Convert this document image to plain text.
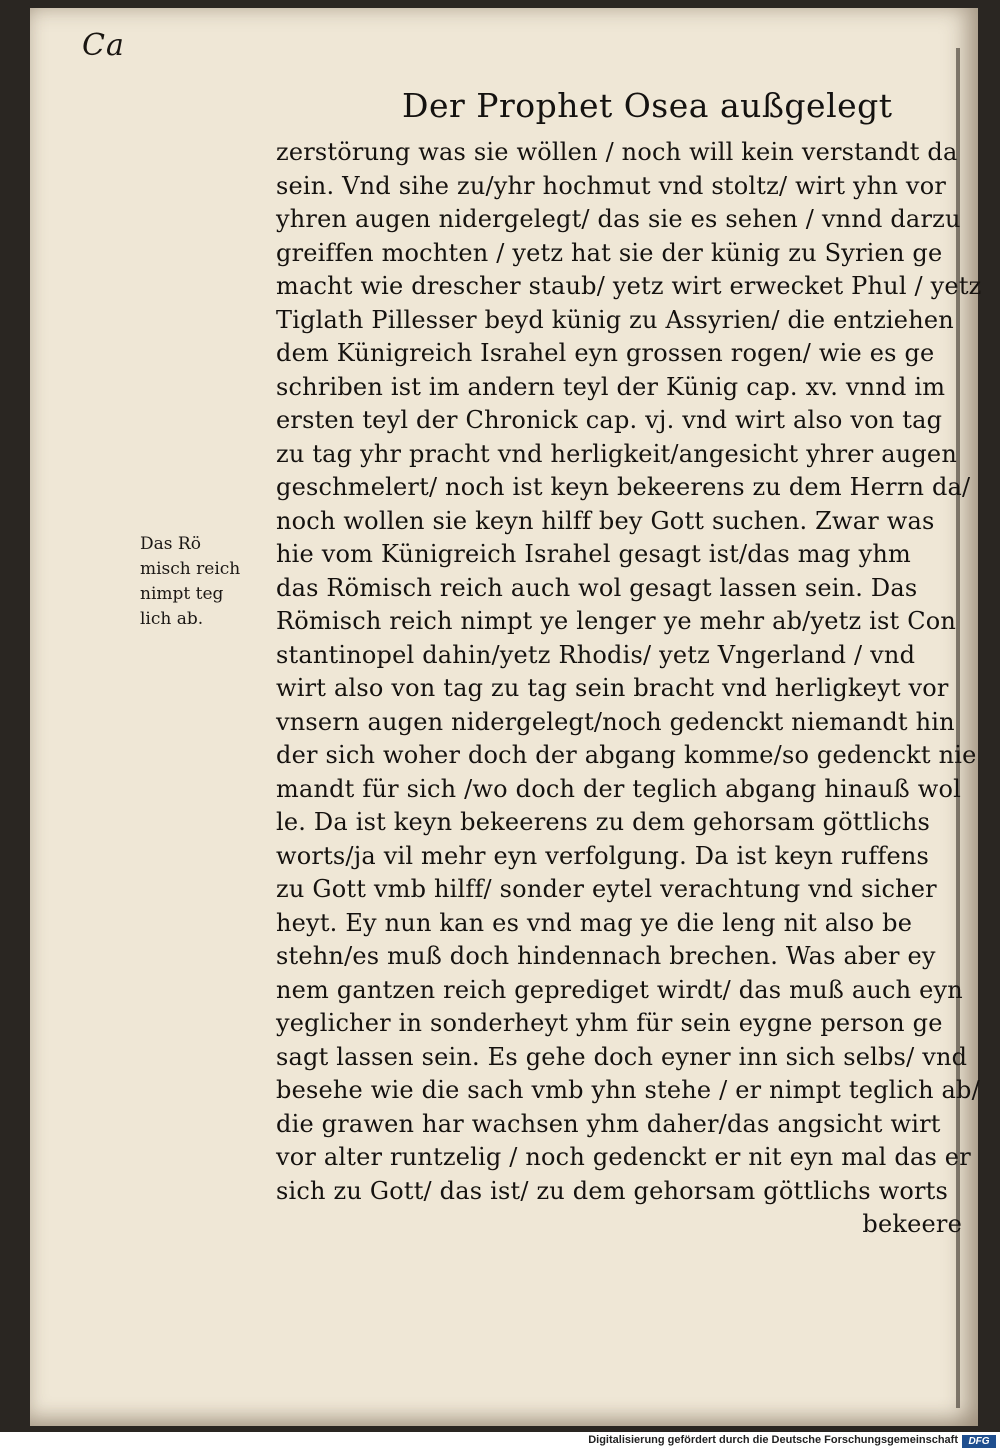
Ca
Der Prophet Osea außgelegt
zerstörung was sie wöllen / noch will kein verstandt da
sein. Vnd sihe zu/yhr hochmut vnd stoltz/ wirt yhn vor
yhren augen nidergelegt/ das sie es sehen / vnnd darzu
greiffen mochten / yetz hat sie der künig zu Syrien ge
macht wie drescher staub/ yetz wirt erwecket Phul / yetz
Tiglath Pillesser beyd künig zu Assyrien/ die entziehen
dem Künigreich Israhel eyn grossen rogen/ wie es ge
schriben ist im andern teyl der Künig cap. xv. vnnd im
ersten teyl der Chronick cap. vj. vnd wirt also von tag
zu tag yhr pracht vnd herligkeit/angesicht yhrer augen
geschmelert/ noch ist keyn bekeerens zu dem Herrn da/
noch wollen sie keyn hilff bey Gott suchen. Zwar was
hie vom Künigreich Israhel gesagt ist/das mag yhm
das Römisch reich auch wol gesagt lassen sein. Das
Römisch reich nimpt ye lenger ye mehr ab/yetz ist Con
stantinopel dahin/yetz Rhodis/ yetz Vngerland / vnd
wirt also von tag zu tag sein bracht vnd herligkeyt vor
vnsern augen nidergelegt/noch gedenckt niemandt hin
der sich woher doch der abgang komme/so gedenckt nie
mandt für sich /wo doch der teglich abgang hinauß wol
le. Da ist keyn bekeerens zu dem gehorsam göttlichs
worts/ja vil mehr eyn verfolgung. Da ist keyn ruffens
zu Gott vmb hilff/ sonder eytel verachtung vnd sicher
heyt. Ey nun kan es vnd mag ye die leng nit also be
stehn/es muß doch hindennach brechen. Was aber ey
nem gantzen reich geprediget wirdt/ das muß auch eyn
yeglicher in sonderheyt yhm für sein eygne person ge
sagt lassen sein. Es gehe doch eyner inn sich selbs/ vnd
besehe wie die sach vmb yhn stehe / er nimpt teglich ab/
die grawen har wachsen yhm daher/das angsicht wirt
vor alter runtzelig / noch gedenckt er nit eyn mal das er
sich zu Gott/ das ist/ zu dem gehorsam göttlichs worts
bekeere
Das Rö
misch reich
nimpt teg
lich ab.
Digitalisierung gefördert durch die Deutsche Forschungsgemeinschaft	DFG
